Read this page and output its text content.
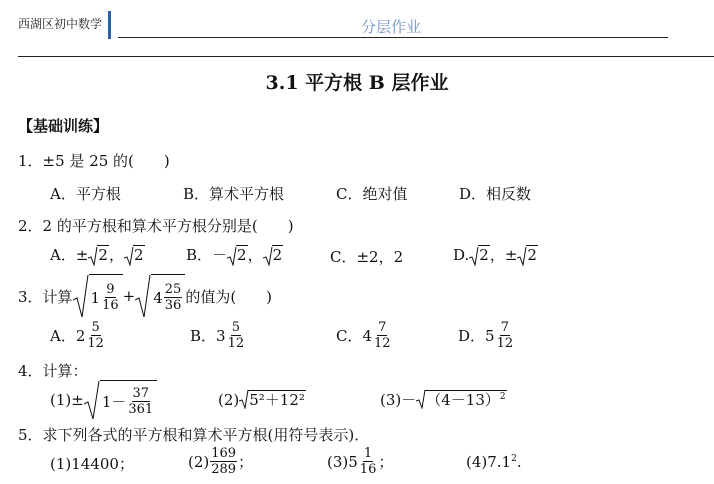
西湖区初中数学	分层作业
3.1 平方根 B 层作业
【基础训练】
1．±5 是 25 的(　　)
A．平方根	B．算术平方根	C．绝对值	D．相反数
2．2 的平方根和算术平方根分别是(　　)
A．± 2， 2	B．－ 2， 2	C．±2，2	D. 2，± 2
3．计算 $1 \frac{9}{16} + 4 \frac{25}{36}$ 的值为(　　)
A．$2 \frac{5}{12}$	B．$3 \frac{5}{12}$	C．$4 \frac{7}{12}$	D．$5 \frac{7}{12}$
4．计算：
$(1)\pm 1- \frac{37}{361}$	(2) 5²＋12²	$(3)- (4-13)^2$
5．求下列各式的平方根和算术平方根(用符号表示)．
(1)14400；	$(2) \frac{169}{289}$ ；	$(3)5 \frac{1}{16}$ ；	$(4)7.1^2$.
